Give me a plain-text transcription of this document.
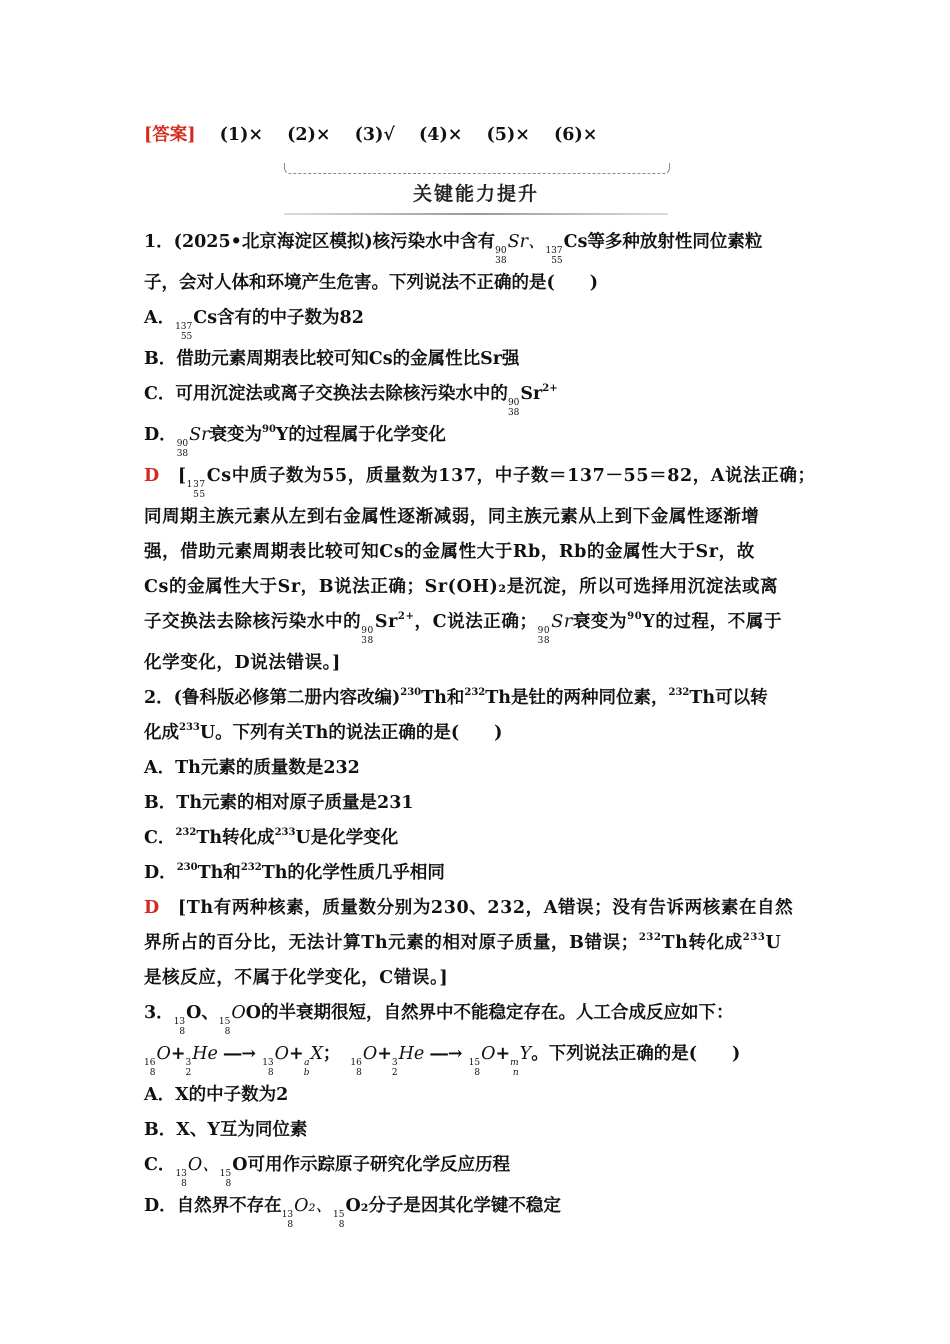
[答案] (1)× (2)× (3)√ (4)× (5)× (6)×
关键能力提升
1．(2025•北京海淀区模拟)核污染水中含有 90
38
Sr、 137
55
Cs等多种放射性同位素粒
子，会对人体和环境产生危害。下列说法不正确的是(　　)
A． 137
55
Cs含有的中子数为82
B．借助元素周期表比较可知Cs的金属性比Sr强
C．可用沉淀法或离子交换法去除核污染水中的 90
38
$Sr^{2+}$
D． 90
38
Sr衰变为$^{90}$Y的过程属于化学变化
D　 [ 137
55
Cs中质子数为55，质量数为137，中子数＝137－55＝82，A说法正确；
同周期主族元素从左到右金属性逐渐减弱，同主族元素从上到下金属性逐渐增
强，借助元素周期表比较可知Cs的金属性大于Rb，Rb的金属性大于Sr，故
Cs的金属性大于Sr，B说法正确；Sr(OH)₂是沉淀，所以可选择用沉淀法或离
子交换法去除核污染水中的 90
38
$Sr^{2+}$，C说法正确； 90
38
Sr衰变为$^{90}$Y的过程，不属于
化学变化，D说法错误。]
2．(鲁科版必修第二册内容改编)$^{230}$Th和$^{232}$Th是钍的两种同位素，$^{232}$Th可以转
化成$^{233}$U。下列有关Th的说法正确的是(　　)
A．Th元素的质量数是232
B．Th元素的相对原子质量是231
C．$^{232}$Th转化成$^{233}$U是化学变化
D．$^{230}$Th和$^{232}$Th的化学性质几乎相同
D　 [Th有两种核素，质量数分别为230、232，A错误；没有告诉两核素在自然
界所占的百分比，无法计算Th元素的相对原子质量，B错误；$^{232}$Th转化成$^{233}$U
是核反应，不属于化学变化，C错误。]
3． 13
8
O、 15
8
OO的半衰期很短，自然界中不能稳定存在。人工合成反应如下：
16
8
O+ 3
2
He ―→ 13
8
O+ a
b
X； 16
8
O+ 3
2
He ―→ 15
8
O+ m
n
Y。下列说法正确的是(　　)
A．X的中子数为2
B．X、Y互为同位素
C． 13
8
O、 15
8
O可用作示踪原子研究化学反应历程
D．自然界不存在 13
8
O₂、 15
8
O₂分子是因其化学键不稳定
